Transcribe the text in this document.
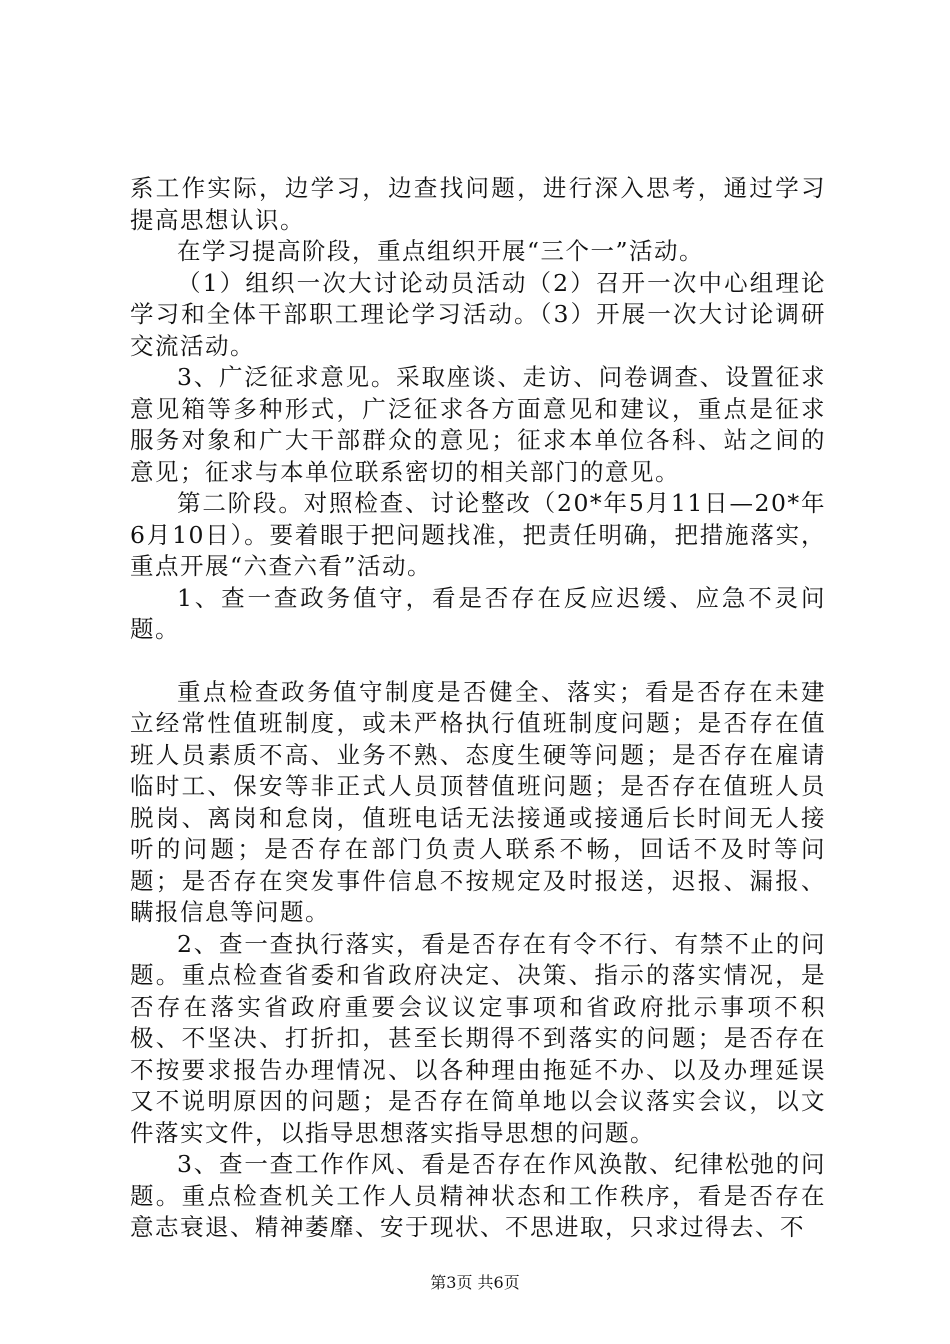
系工作实际，边学习，边查找问题，进行深入思考，通过学习提高思想认识。

在学习提高阶段，重点组织开展“三个一”活动。

（1）组织一次大讨论动员活动（2）召开一次中心组理论学习和全体干部职工理论学习活动。（3）开展一次大讨论调研交流活动。

3、广泛征求意见。采取座谈、走访、问卷调查、设置征求意见箱等多种形式，广泛征求各方面意见和建议，重点是征求服务对象和广大干部群众的意见；征求本单位各科、站之间的意见；征求与本单位联系密切的相关部门的意见。

第二阶段。对照检查、讨论整改（20*年5月11日—20*年6月10日）。要着眼于把问题找准，把责任明确，把措施落实，重点开展“六查六看”活动。

1、查一查政务值守，看是否存在反应迟缓、应急不灵问题。

重点检查政务值守制度是否健全、落实；看是否存在未建立经常性值班制度，或未严格执行值班制度问题；是否存在值班人员素质不高、业务不熟、态度生硬等问题；是否存在雇请临时工、保安等非正式人员顶替值班问题；是否存在值班人员脱岗、离岗和怠岗，值班电话无法接通或接通后长时间无人接听的问题；是否存在部门负责人联系不畅，回话不及时等问题；是否存在突发事件信息不按规定及时报送，迟报、漏报、瞒报信息等问题。

2、查一查执行落实，看是否存在有令不行、有禁不止的问题。重点检查省委和省政府决定、决策、指示的落实情况，是否存在落实省政府重要会议议定事项和省政府批示事项不积极、不坚决、打折扣，甚至长期得不到落实的问题；是否存在不按要求报告办理情况、以各种理由拖延不办、以及办理延误又不说明原因的问题；是否存在简单地以会议落实会议，以文件落实文件，以指导思想落实指导思想的问题。

3、查一查工作作风、看是否存在作风涣散、纪律松弛的问题。重点检查机关工作人员精神状态和工作秩序，看是否存在意志衰退、精神萎靡、安于现状、不思进取，只求过得去、不

第3页 共6页
